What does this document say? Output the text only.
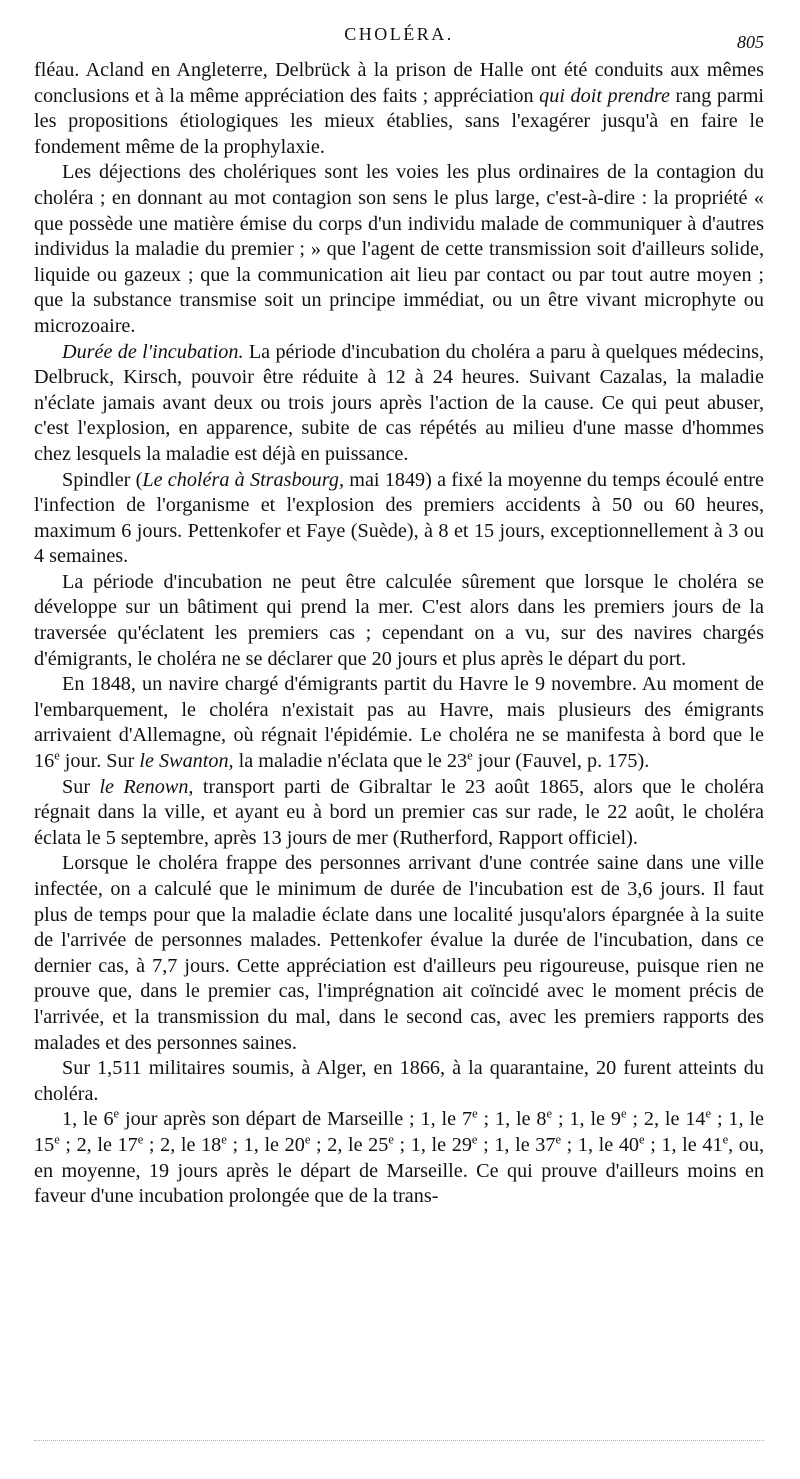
CHOLÉRA.	805

fléau. Acland en Angleterre, Delbrück à la prison de Halle ont été conduits aux mêmes conclusions et à la même appréciation des faits ; appréciation qui doit prendre rang parmi les propositions étiologiques les mieux établies, sans l'exagérer jusqu'à en faire le fondement même de la prophylaxie.

Les déjections des cholériques sont les voies les plus ordinaires de la contagion du choléra ; en donnant au mot contagion son sens le plus large, c'est-à-dire : la propriété « que possède une matière émise du corps d'un individu malade de communiquer à d'autres individus la maladie du premier ; » que l'agent de cette transmission soit d'ailleurs solide, liquide ou gazeux ; que la communication ait lieu par contact ou par tout autre moyen ; que la substance transmise soit un principe immédiat, ou un être vivant microphyte ou microzoaire.

Durée de l'incubation. La période d'incubation du choléra a paru à quelques médecins, Delbruck, Kirsch, pouvoir être réduite à 12 à 24 heures. Suivant Cazalas, la maladie n'éclate jamais avant deux ou trois jours après l'action de la cause. Ce qui peut abuser, c'est l'explosion, en apparence, subite de cas répétés au milieu d'une masse d'hommes chez lesquels la maladie est déjà en puissance.

Spindler (Le choléra à Strasbourg, mai 1849) a fixé la moyenne du temps écoulé entre l'infection de l'organisme et l'explosion des premiers accidents à 50 ou 60 heures, maximum 6 jours. Pettenkofer et Faye (Suède), à 8 et 15 jours, exceptionnellement à 3 ou 4 semaines.

La période d'incubation ne peut être calculée sûrement que lorsque le choléra se développe sur un bâtiment qui prend la mer. C'est alors dans les premiers jours de la traversée qu'éclatent les premiers cas ; cependant on a vu, sur des navires chargés d'émigrants, le choléra ne se déclarer que 20 jours et plus après le départ du port.

En 1848, un navire chargé d'émigrants partit du Havre le 9 novembre. Au moment de l'embarquement, le choléra n'existait pas au Havre, mais plusieurs des émigrants arrivaient d'Allemagne, où régnait l'épidémie. Le choléra ne se manifesta à bord que le 16e jour. Sur le Swanton, la maladie n'éclata que le 23e jour (Fauvel, p. 175).

Sur le Renown, transport parti de Gibraltar le 23 août 1865, alors que le choléra régnait dans la ville, et ayant eu à bord un premier cas sur rade, le 22 août, le choléra éclata le 5 septembre, après 13 jours de mer (Rutherford, Rapport officiel).

Lorsque le choléra frappe des personnes arrivant d'une contrée saine dans une ville infectée, on a calculé que le minimum de durée de l'incubation est de 3,6 jours. Il faut plus de temps pour que la maladie éclate dans une localité jusqu'alors épargnée à la suite de l'arrivée de personnes malades. Pettenkofer évalue la durée de l'incubation, dans ce dernier cas, à 7,7 jours. Cette appréciation est d'ailleurs peu rigoureuse, puisque rien ne prouve que, dans le premier cas, l'imprégnation ait coïncidé avec le moment précis de l'arrivée, et la transmission du mal, dans le second cas, avec les premiers rapports des malades et des personnes saines.

Sur 1,511 militaires soumis, à Alger, en 1866, à la quarantaine, 20 furent atteints du choléra.

1, le 6e jour après son départ de Marseille ; 1, le 7e ; 1, le 8e ; 1, le 9e ; 2, le 14e ; 1, le 15e ; 2, le 17e ; 2, le 18e ; 1, le 20e ; 2, le 25e ; 1, le 29e ; 1, le 37e ; 1, le 40e ; 1, le 41e, ou, en moyenne, 19 jours après le départ de Marseille. Ce qui prouve d'ailleurs moins en faveur d'une incubation prolongée que de la trans-
